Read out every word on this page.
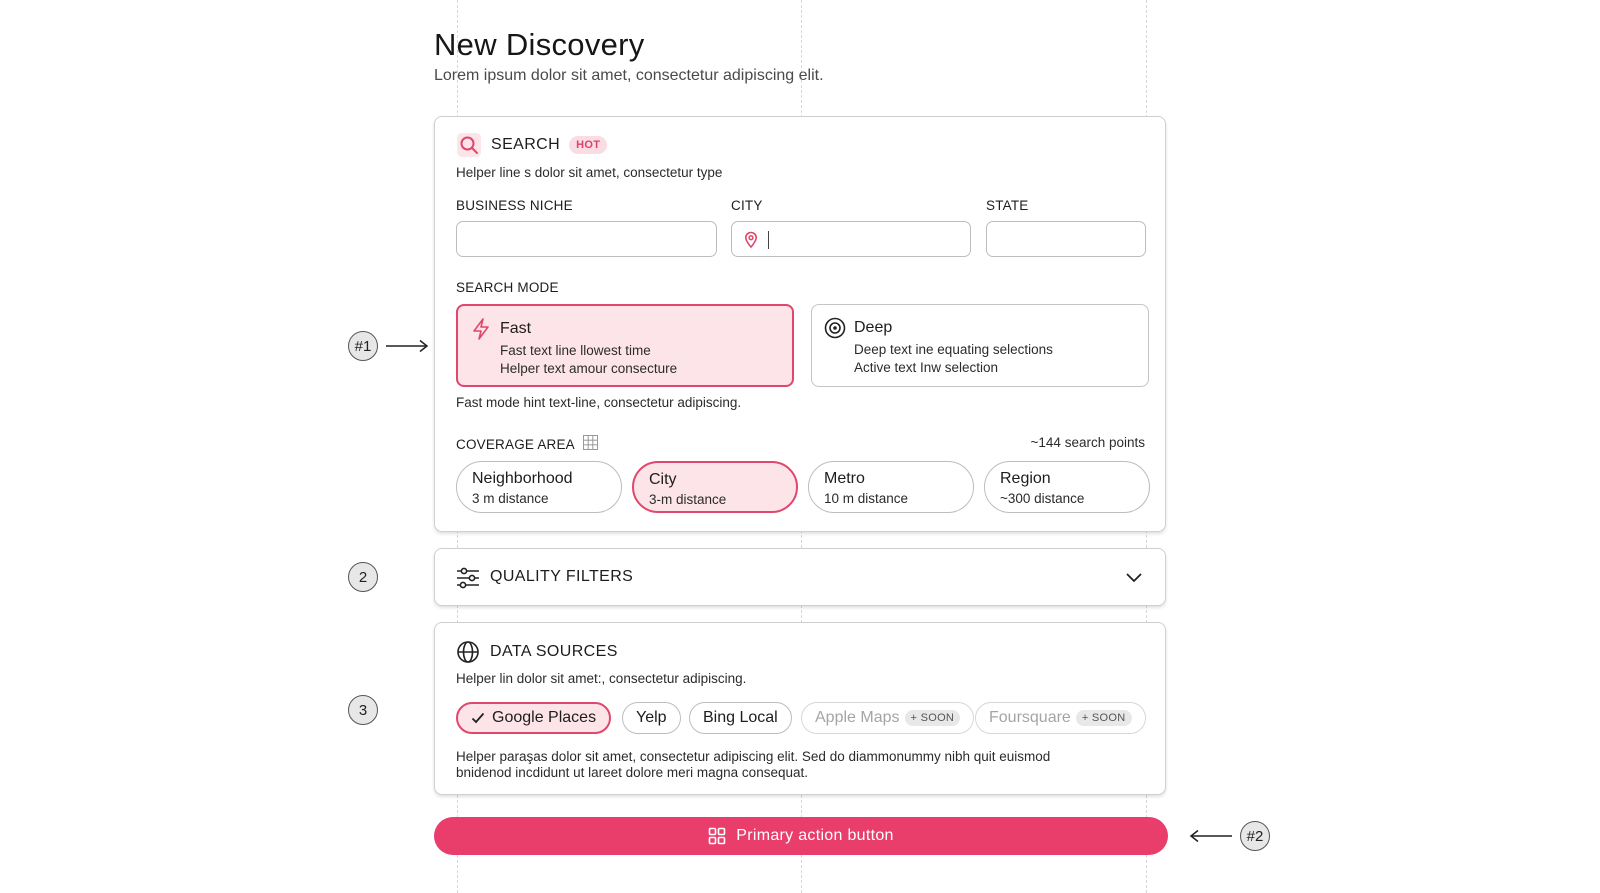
New Discovery
Lorem ipsum dolor sit amet, consectetur adipiscing elit.
SEARCH	HOT
Helper line s dolor sit amet, consectetur type
BUSINESS NICHE	CITY	STATE
SEARCH MODE
Fast
Fast text line llowest time
Helper text amour consecture
Deep
Deep text ine equating selections
Active text Inw selection
Fast mode hint text-line, consectetur adipiscing.
COVERAGE AREA	~144 search points
Neighborhood
3 m distance
City
3-m distance
Metro
10 m distance
Region
~300 distance
QUALITY FILTERS
DATA SOURCES
Helper lin dolor sit amet:, consectetur adipiscing.
Google Places Yelp Bing Local Apple Maps	+ SOON	Foursquare	+ SOON
Helper paraşas dolor sit amet, consectetur adipiscing elit. Sed do diammonummy nibh quit euismod
bnidenod incdidunt ut lareet dolore meri magna consequat.
Primary action button
#1
2
3
#2
